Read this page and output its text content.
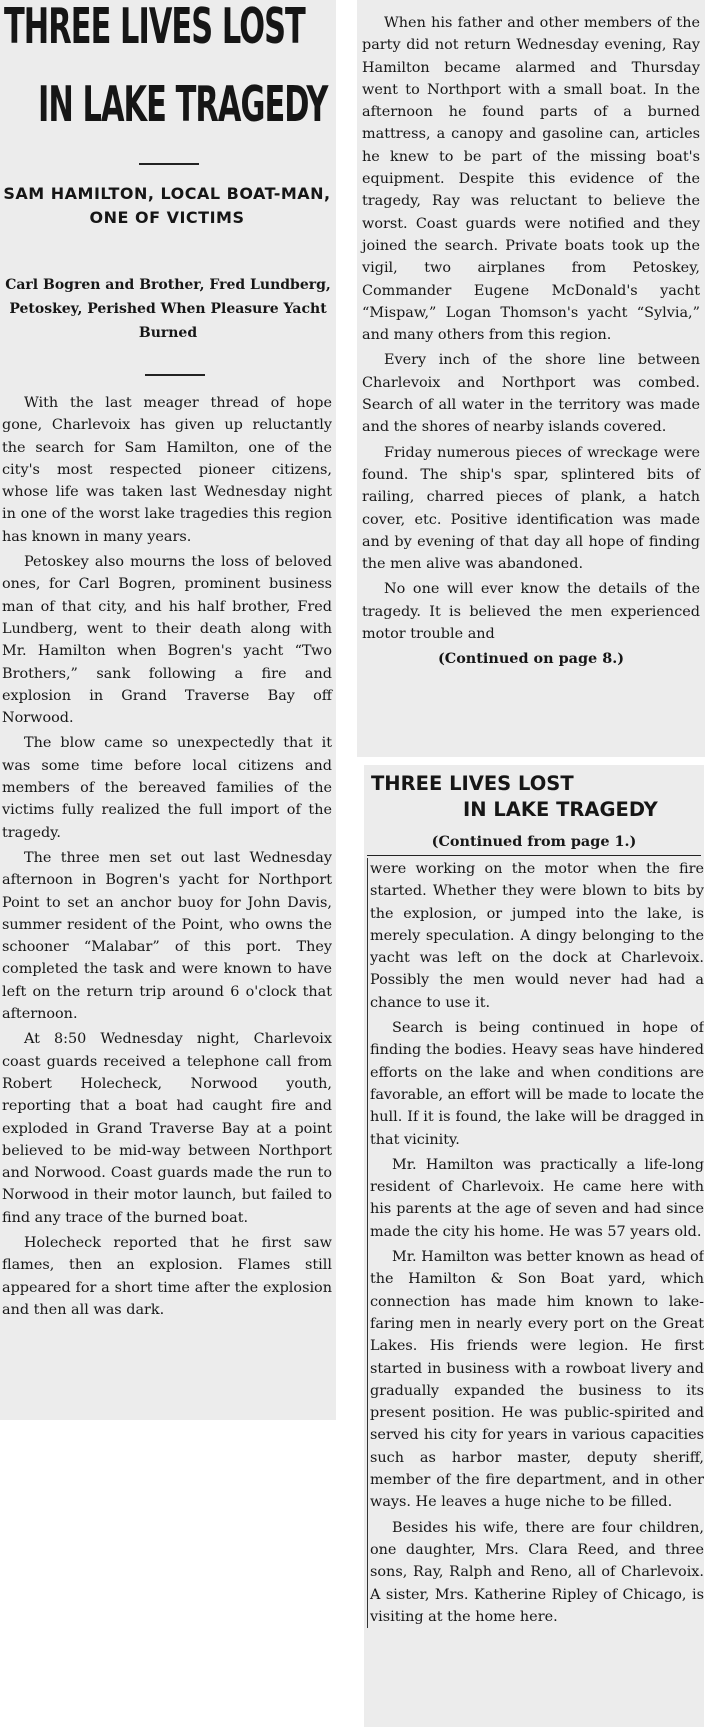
THREE LIVES LOST
IN LAKE TRAGEDY
SAM HAMILTON, LOCAL BOAT-MAN, ONE OF VICTIMS
Carl Bogren and Brother, Fred Lundberg, Petoskey, Perished When Pleasure Yacht Burned

With the last meager thread of hope gone, Charlevoix has given up reluctantly the search for Sam Hamilton, one of the city's most respected pioneer citizens, whose life was taken last Wednesday night in one of the worst lake tragedies this region has known in many years.

Petoskey also mourns the loss of beloved ones, for Carl Bogren, prominent business man of that city, and his half brother, Fred Lundberg, went to their death along with Mr. Hamilton when Bogren's yacht “Two Brothers,” sank following a fire and explosion in Grand Traverse Bay off Norwood.

The blow came so unexpectedly that it was some time before local citizens and members of the bereaved families of the victims fully realized the full import of the tragedy.

The three men set out last Wednesday afternoon in Bogren's yacht for Northport Point to set an anchor buoy for John Davis, summer resident of the Point, who owns the schooner “Malabar” of this port. They completed the task and were known to have left on the return trip around 6 o'clock that afternoon.

At 8:50 Wednesday night, Charlevoix coast guards received a telephone call from Robert Holecheck, Norwood youth, reporting that a boat had caught fire and exploded in Grand Traverse Bay at a point believed to be mid-way between Northport and Norwood. Coast guards made the run to Norwood in their motor launch, but failed to find any trace of the burned boat.

Holecheck reported that he first saw flames, then an explosion. Flames still appeared for a short time after the explosion and then all was dark.

When his father and other members of the party did not return Wednesday evening, Ray Hamilton became alarmed and Thursday went to Northport with a small boat. In the afternoon he found parts of a burned mattress, a canopy and gasoline can, articles he knew to be part of the missing boat's equipment. Despite this evidence of the tragedy, Ray was reluctant to believe the worst. Coast guards were notified and they joined the search. Private boats took up the vigil, two airplanes from Petoskey, Commander Eugene McDonald's yacht “Mispaw,” Logan Thomson's yacht “Sylvia,” and many others from this region.

Every inch of the shore line between Charlevoix and Northport was combed. Search of all water in the territory was made and the shores of nearby islands covered.

Friday numerous pieces of wreckage were found. The ship's spar, splintered bits of railing, charred pieces of plank, a hatch cover, etc. Positive identification was made and by evening of that day all hope of finding the men alive was abandoned.

No one will ever know the details of the tragedy. It is believed the men experienced motor trouble and

(Continued on page 8.)
THREE LIVES LOST
IN LAKE TRAGEDY
(Continued from page 1.)

were working on the motor when the fire started. Whether they were blown to bits by the explosion, or jumped into the lake, is merely speculation. A dingy belonging to the yacht was left on the dock at Charlevoix. Possibly the men would never had had a chance to use it.

Search is being continued in hope of finding the bodies. Heavy seas have hindered efforts on the lake and when conditions are favorable, an effort will be made to locate the hull. If it is found, the lake will be dragged in that vicinity.

Mr. Hamilton was practically a life-long resident of Charlevoix. He came here with his parents at the age of seven and had since made the city his home. He was 57 years old.

Mr. Hamilton was better known as head of the Hamilton & Son Boat yard, which connection has made him known to lake-faring men in nearly every port on the Great Lakes. His friends were legion. He first started in business with a rowboat livery and gradually expanded the business to its present position. He was public-spirited and served his city for years in various capacities such as harbor master, deputy sheriff, member of the fire department, and in other ways. He leaves a huge niche to be filled.

Besides his wife, there are four children, one daughter, Mrs. Clara Reed, and three sons, Ray, Ralph and Reno, all of Charlevoix. A sister, Mrs. Katherine Ripley of Chicago, is visiting at the home here.
